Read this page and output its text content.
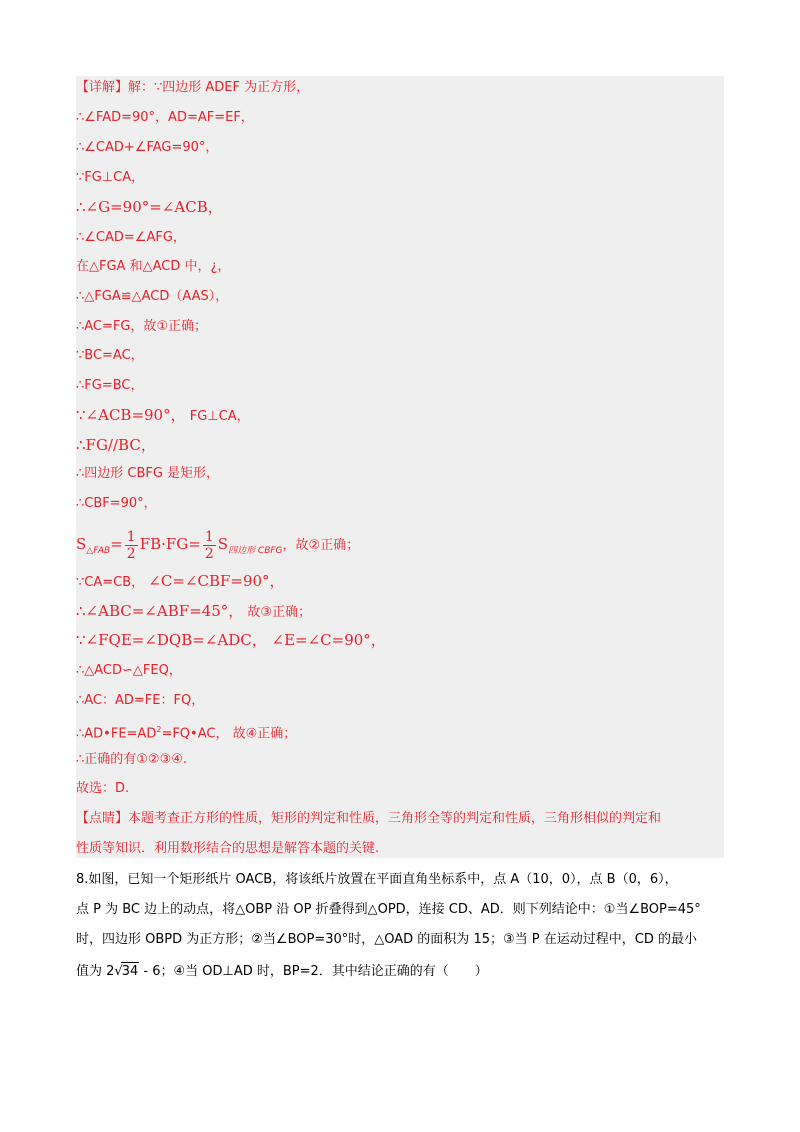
【详解】解：∵四边形 ADEF 为正方形，
∴∠FAD=90°，AD=AF=EF，
∴∠CAD+∠FAG=90°，
∵FG⊥CA，
∴∠G=90°=∠ACB，
∴∠CAD=∠AFG，
在△FGA 和△ACD 中，¿，
∴△FGA≌△ACD（AAS），
∴AC=FG，故①正确；
∵BC=AC，
∴FG=BC，
∵∠ACB=90°， FG⊥CA，
∴FG//BC，
∴四边形 CBFG 是矩形，
∴CBF=90°，
$S_{\triangle FAB}= \frac{1}{2} FB\cdot FG= \frac{1}{2} S_{四边形 CBFG}$，故②正确；
∵CA=CB， ∠C=∠CBF=90°，
∴∠ABC=∠ABF=45°， 故③正确；
∵∠FQE=∠DQB=∠ADC， ∠E=∠C=90°，
∴△ACD∽△FEQ，
∴AC：AD=FE：FQ，
$\therefore AD•FE=AD^2=FQ•AC$， 故④正确；
∴正确的有①②③④.
故选：D.
【点睛】本题考查正方形的性质，矩形的判定和性质，三角形全等的判定和性质，三角形相似的判定和
性质等知识．利用数形结合的思想是解答本题的关键.
8.如图，已知一个矩形纸片 OACB，将该纸片放置在平面直角坐标系中，点 A（10，0），点 B（0，6），
点 P 为 BC 边上的动点，将△OBP 沿 OP 折叠得到△OPD，连接 CD、AD．则下列结论中：①当∠BOP=45°
时，四边形 OBPD 为正方形；②当∠BOP=30°时，△OAD 的面积为 15；③当 P 在运动过程中，CD 的最小
值为 2√34 - 6；④当 OD⊥AD 时，BP=2．其中结论正确的有（　　）
